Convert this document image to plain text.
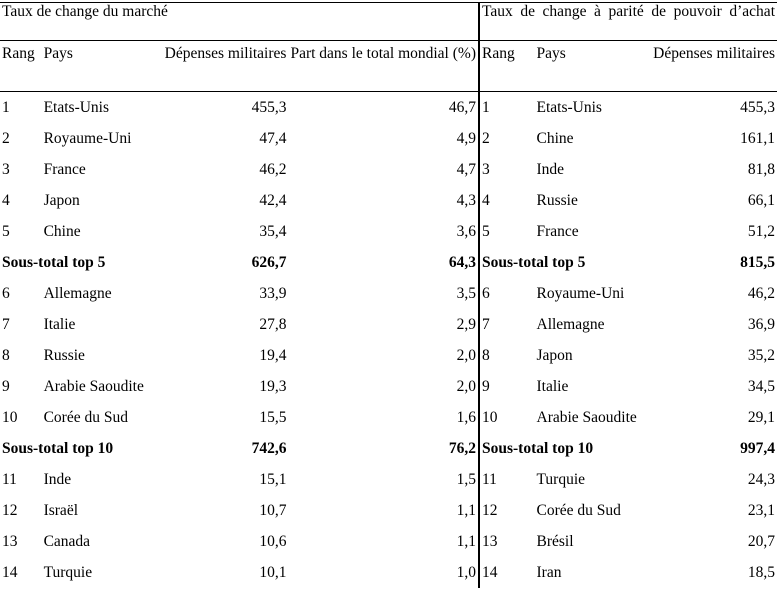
Taux de change du marché				Taux de change à parité de pouvoir d’achat		

Rang	Pays	Dépenses militaires	Part dans le total mondial (%)	Rang	Pays	Dépenses militaires
1	Etats-Unis	455,3	46,7	1	Etats-Unis	455,3
2	Royaume-Uni	47,4	4,9	2	Chine	161,1
3	France	46,2	4,7	3	Inde	81,8
4	Japon	42,4	4,3	4	Russie	66,1
5	Chine	35,4	3,6	5	France	51,2
Sous-total top 5		626,7	64,3	Sous-total top 5		815,5
6	Allemagne	33,9	3,5	6	Royaume-Uni	46,2
7	Italie	27,8	2,9	7	Allemagne	36,9
8	Russie	19,4	2,0	8	Japon	35,2
9	Arabie Saoudite	19,3	2,0	9	Italie	34,5
10	Corée du Sud	15,5	1,6	10	Arabie Saoudite	29,1
Sous-total top 10		742,6	76,2	Sous-total top 10		997,4
11	Inde	15,1	1,5	11	Turquie	24,3
12	Israël	10,7	1,1	12	Corée du Sud	23,1
13	Canada	10,6	1,1	13	Brésil	20,7
14	Turquie	10,1	1,0	14	Iran	18,5
